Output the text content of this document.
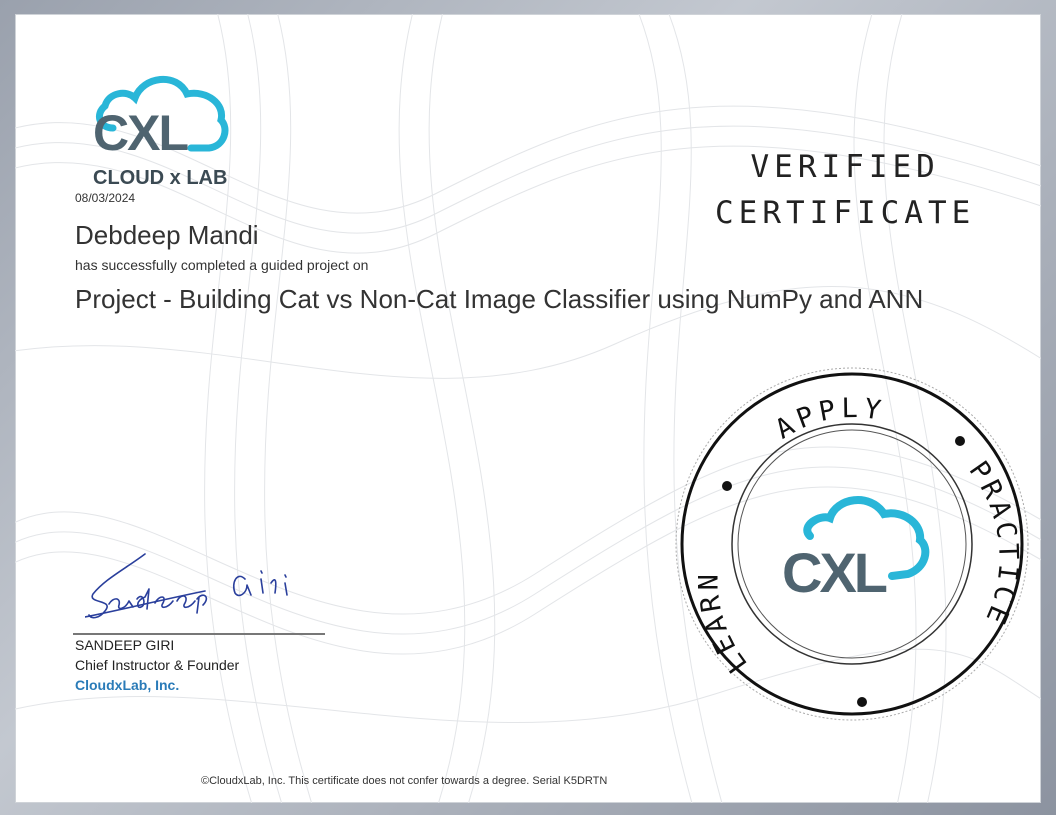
CXL
CLOUD x LAB
08/03/2024
Debdeep Mandi
has successfully completed a guided project on
Project - Building Cat vs Non-Cat Image Classifier using NumPy and ANN
VERIFIED
CERTIFICATE
APPLY
PRACTICE
LEARN	CXL
SANDEEP GIRI
Chief Instructor & Founder
CloudxLab, Inc.
©CloudxLab, Inc. This certificate does not confer towards a degree. Serial K5DRTN
